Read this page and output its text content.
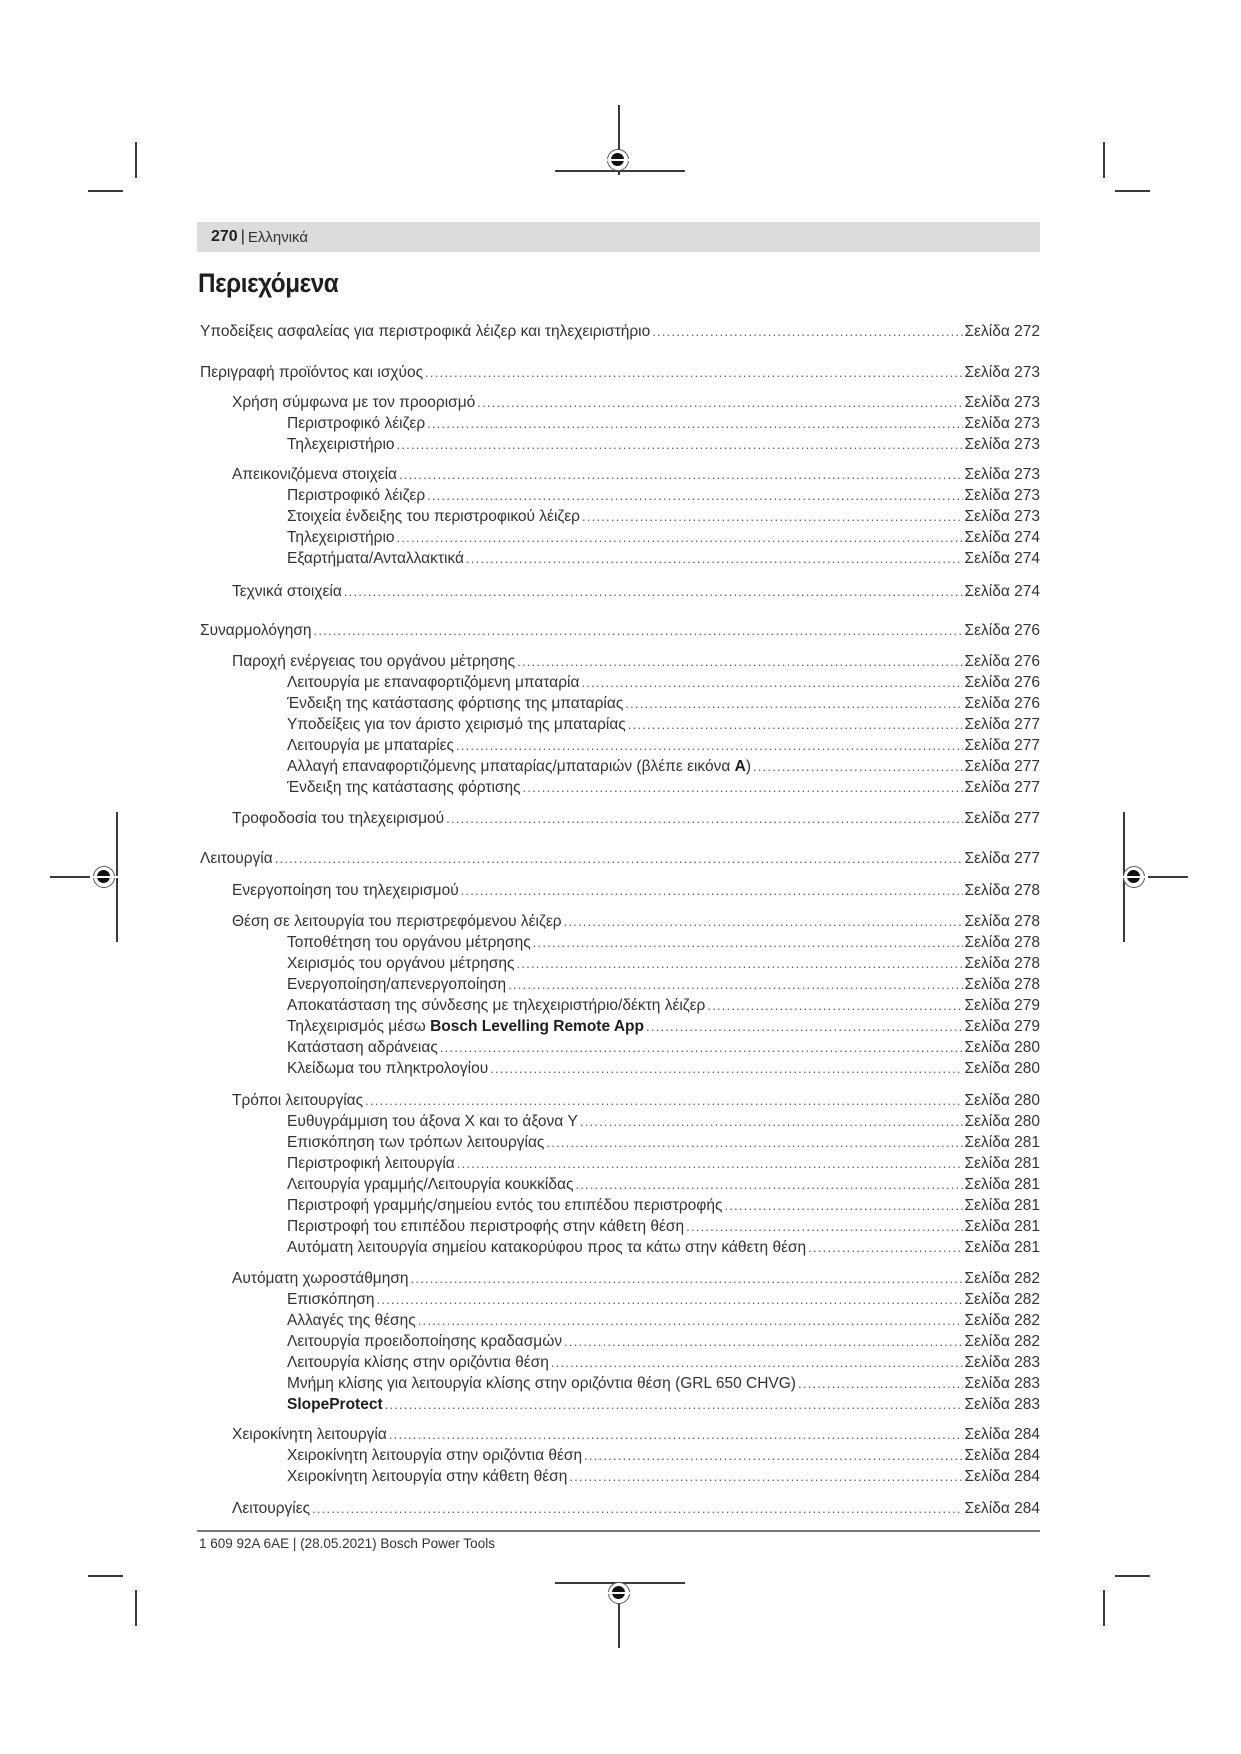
270 | Ελληνικά
Περιεχόμενα
Υποδείξεις ασφαλείας για περιστροφικά λέιζερ και τηλεχειριστήριο .....	Σελίδα 272
Περιγραφή προϊόντος και ισχύος .....	Σελίδα 273
Χρήση σύμφωνα με τον προορισμό .....	Σελίδα 273
Περιστροφικό λέιζερ .....	Σελίδα 273
Τηλεχειριστήριο .....	Σελίδα 273
Απεικονιζόμενα στοιχεία .....	Σελίδα 273
Περιστροφικό λέιζερ .....	Σελίδα 273
Στοιχεία ένδειξης του περιστροφικού λέιζερ .....	Σελίδα 273
Τηλεχειριστήριο .....	Σελίδα 274
Εξαρτήματα/Ανταλλακτικά .....	Σελίδα 274
Τεχνικά στοιχεία .....	Σελίδα 274
Συναρμολόγηση .....	Σελίδα 276
Παροχή ενέργειας του οργάνου μέτρησης .....	Σελίδα 276
Λειτουργία με επαναφορτιζόμενη μπαταρία .....	Σελίδα 276
Ένδειξη της κατάστασης φόρτισης της μπαταρίας .....	Σελίδα 276
Υποδείξεις για τον άριστο χειρισμό της μπαταρίας .....	Σελίδα 277
Λειτουργία με μπαταρίες .....	Σελίδα 277
Αλλαγή επαναφορτιζόμενης μπαταρίας/μπαταριών (βλέπε εικόνα A) .....	Σελίδα 277
Ένδειξη της κατάστασης φόρτισης .....	Σελίδα 277
Τροφοδοσία του τηλεχειρισμού .....	Σελίδα 277
Λειτουργία .....	Σελίδα 277
Ενεργοποίηση του τηλεχειρισμού .....	Σελίδα 278
Θέση σε λειτουργία του περιστρεφόμενου λέιζερ .....	Σελίδα 278
Τοποθέτηση του οργάνου μέτρησης .....	Σελίδα 278
Χειρισμός του οργάνου μέτρησης .....	Σελίδα 278
Ενεργοποίηση/απενεργοποίηση .....	Σελίδα 278
Αποκατάσταση της σύνδεσης με τηλεχειριστήριο/δέκτη λέιζερ .....	Σελίδα 279
Τηλεχειρισμός μέσω Bosch Levelling Remote App .....	Σελίδα 279
Κατάσταση αδράνειας .....	Σελίδα 280
Κλείδωμα του πληκτρολογίου .....	Σελίδα 280
Τρόποι λειτουργίας .....	Σελίδα 280
Ευθυγράμμιση του άξονα X και το άξονα Y .....	Σελίδα 280
Επισκόπηση των τρόπων λειτουργίας .....	Σελίδα 281
Περιστροφική λειτουργία .....	Σελίδα 281
Λειτουργία γραμμής/Λειτουργία κουκκίδας .....	Σελίδα 281
Περιστροφή γραμμής/σημείου εντός του επιπέδου περιστροφής .....	Σελίδα 281
Περιστροφή του επιπέδου περιστροφής στην κάθετη θέση .....	Σελίδα 281
Αυτόματη λειτουργία σημείου κατακορύφου προς τα κάτω στην κάθετη θέση .....	Σελίδα 281
Αυτόματη χωροστάθμηση .....	Σελίδα 282
Επισκόπηση .....	Σελίδα 282
Αλλαγές της θέσης .....	Σελίδα 282
Λειτουργία προειδοποίησης κραδασμών .....	Σελίδα 282
Λειτουργία κλίσης στην οριζόντια θέση .....	Σελίδα 283
Μνήμη κλίσης για λειτουργία κλίσης στην οριζόντια θέση (GRL 650 CHVG) .....	Σελίδα 283
SlopeProtect .....	Σελίδα 283
Χειροκίνητη λειτουργία .....	Σελίδα 284
Χειροκίνητη λειτουργία στην οριζόντια θέση .....	Σελίδα 284
Χειροκίνητη λειτουργία στην κάθετη θέση .....	Σελίδα 284
Λειτουργίες .....	Σελίδα 284
1 609 92A 6AE | (28.05.2021) Bosch Power Tools
